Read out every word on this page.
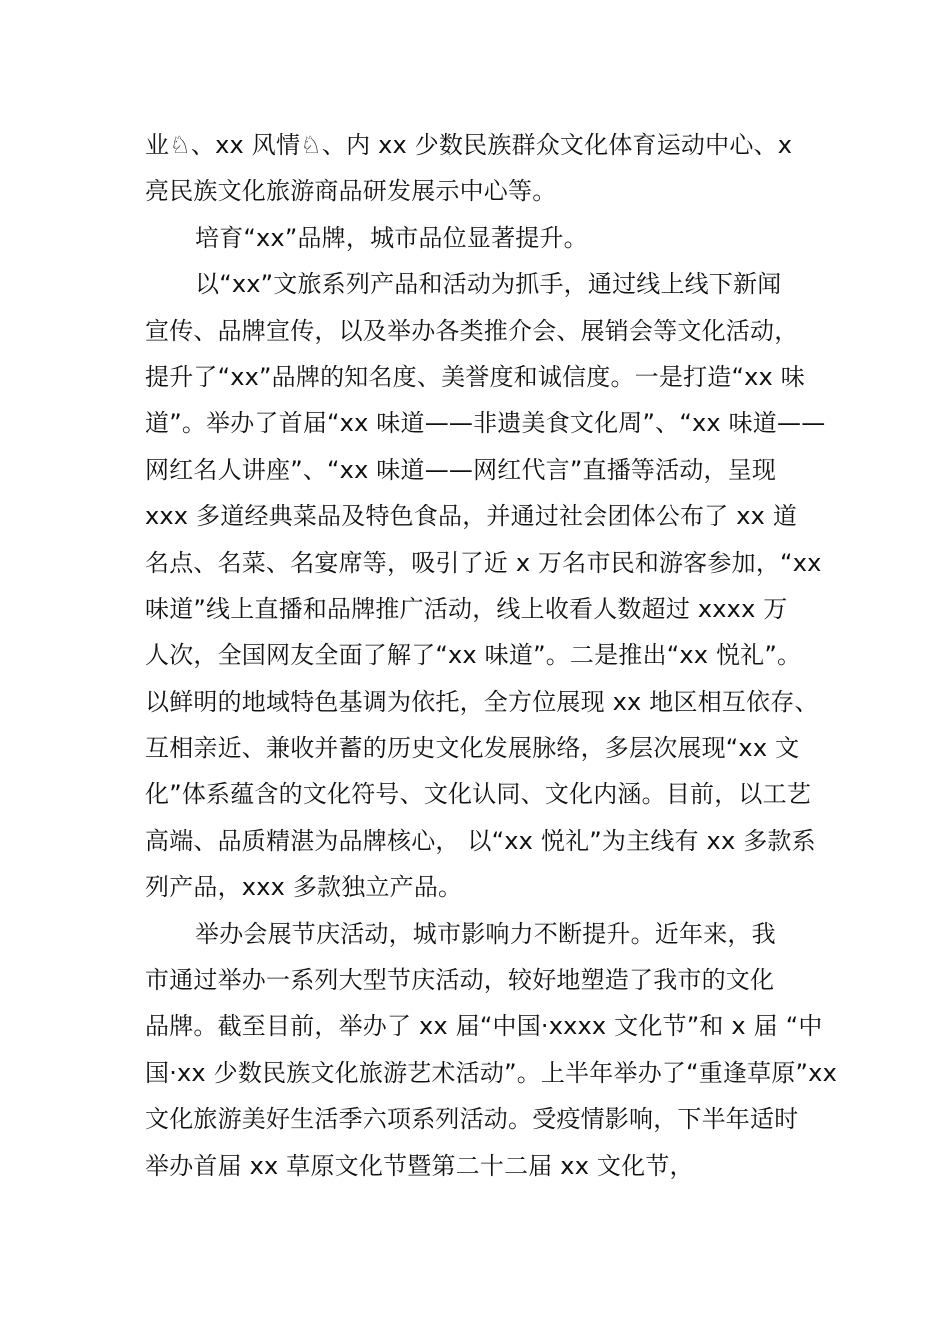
业♘、xx 风情♘、内 xx 少数民族群众文化体育运动中心、x
亮民族文化旅游商品研发展示中心等。
培育“xx”品牌，城市品位显著提升。
以“xx”文旅系列产品和活动为抓手，通过线上线下新闻
宣传、品牌宣传，以及举办各类推介会、展销会等文化活动，
提升了“xx”品牌的知名度、美誉度和诚信度。一是打造“xx 味
道”。举办了首届“xx 味道——非遗美食文化周”、“xx 味道——
网红名人讲座”、“xx 味道——网红代言”直播等活动，呈现
xxx 多道经典菜品及特色食品，并通过社会团体公布了 xx 道
名点、名菜、名宴席等，吸引了近 x 万名市民和游客参加，“xx
味道”线上直播和品牌推广活动，线上收看人数超过 xxxx 万
人次，全国网友全面了解了“xx 味道”。二是推出“xx 悦礼”。
以鲜明的地域特色基调为依托，全方位展现 xx 地区相互依存、
互相亲近、兼收并蓄的历史文化发展脉络，多层次展现“xx 文
化”体系蕴含的文化符号、文化认同、文化内涵。目前，以工艺
高端、品质精湛为品牌核心， 以“xx 悦礼”为主线有 xx 多款系
列产品，xxx 多款独立产品。
举办会展节庆活动，城市影响力不断提升。近年来，我
市通过举办一系列大型节庆活动，较好地塑造了我市的文化
品牌。截至目前，举办了 xx 届“中国·xxxx 文化节”和 x 届 “中
国·xx 少数民族文化旅游艺术活动”。上半年举办了“重逢草原”xx
文化旅游美好生活季六项系列活动。受疫情影响，下半年适时
举办首届 xx 草原文化节暨第二十二届 xx 文化节，
